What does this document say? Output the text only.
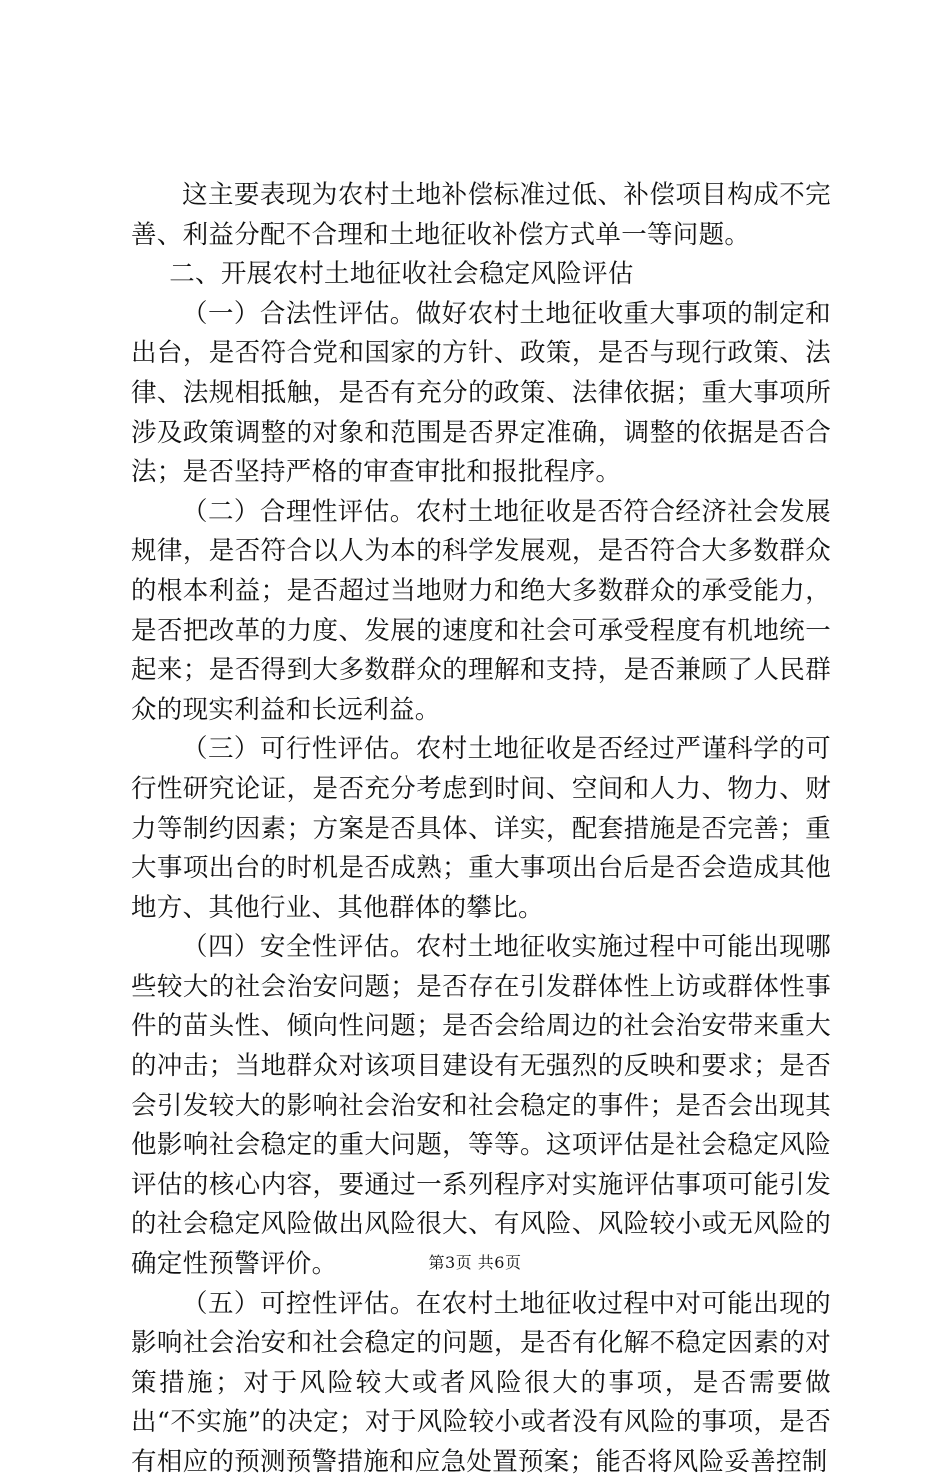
这主要表现为农村土地补偿标准过低、补偿项目构成不完善、利益分配不合理和土地征收补偿方式单一等问题。

二、开展农村土地征收社会稳定风险评估

（一）合法性评估。做好农村土地征收重大事项的制定和出台，是否符合党和国家的方针、政策，是否与现行政策、法律、法规相抵触，是否有充分的政策、法律依据；重大事项所涉及政策调整的对象和范围是否界定准确，调整的依据是否合法；是否坚持严格的审查审批和报批程序。

（二）合理性评估。农村土地征收是否符合经济社会发展规律，是否符合以人为本的科学发展观，是否符合大多数群众的根本利益；是否超过当地财力和绝大多数群众的承受能力，是否把改革的力度、发展的速度和社会可承受程度有机地统一起来；是否得到大多数群众的理解和支持，是否兼顾了人民群众的现实利益和长远利益。

（三）可行性评估。农村土地征收是否经过严谨科学的可行性研究论证，是否充分考虑到时间、空间和人力、物力、财力等制约因素；方案是否具体、详实，配套措施是否完善；重大事项出台的时机是否成熟；重大事项出台后是否会造成其他地方、其他行业、其他群体的攀比。

（四）安全性评估。农村土地征收实施过程中可能出现哪些较大的社会治安问题；是否存在引发群体性上访或群体性事件的苗头性、倾向性问题；是否会给周边的社会治安带来重大的冲击；当地群众对该项目建设有无强烈的反映和要求；是否会引发较大的影响社会治安和社会稳定的事件；是否会出现其他影响社会稳定的重大问题，等等。这项评估是社会稳定风险评估的核心内容，要通过一系列程序对实施评估事项可能引发的社会稳定风险做出风险很大、有风险、风险较小或无风险的确定性预警评价。

（五）可控性评估。在农村土地征收过程中对可能出现的影响社会治安和社会稳定的问题，是否有化解不稳定因素的对策措施；对于风险较大或者风险很大的事项，是否需要做出“不实施”的决定；对于风险较小或者没有风险的事项，是否有相应的预测预警措施和应急处置预案；能否将风险妥善控制

第3页 共6页
